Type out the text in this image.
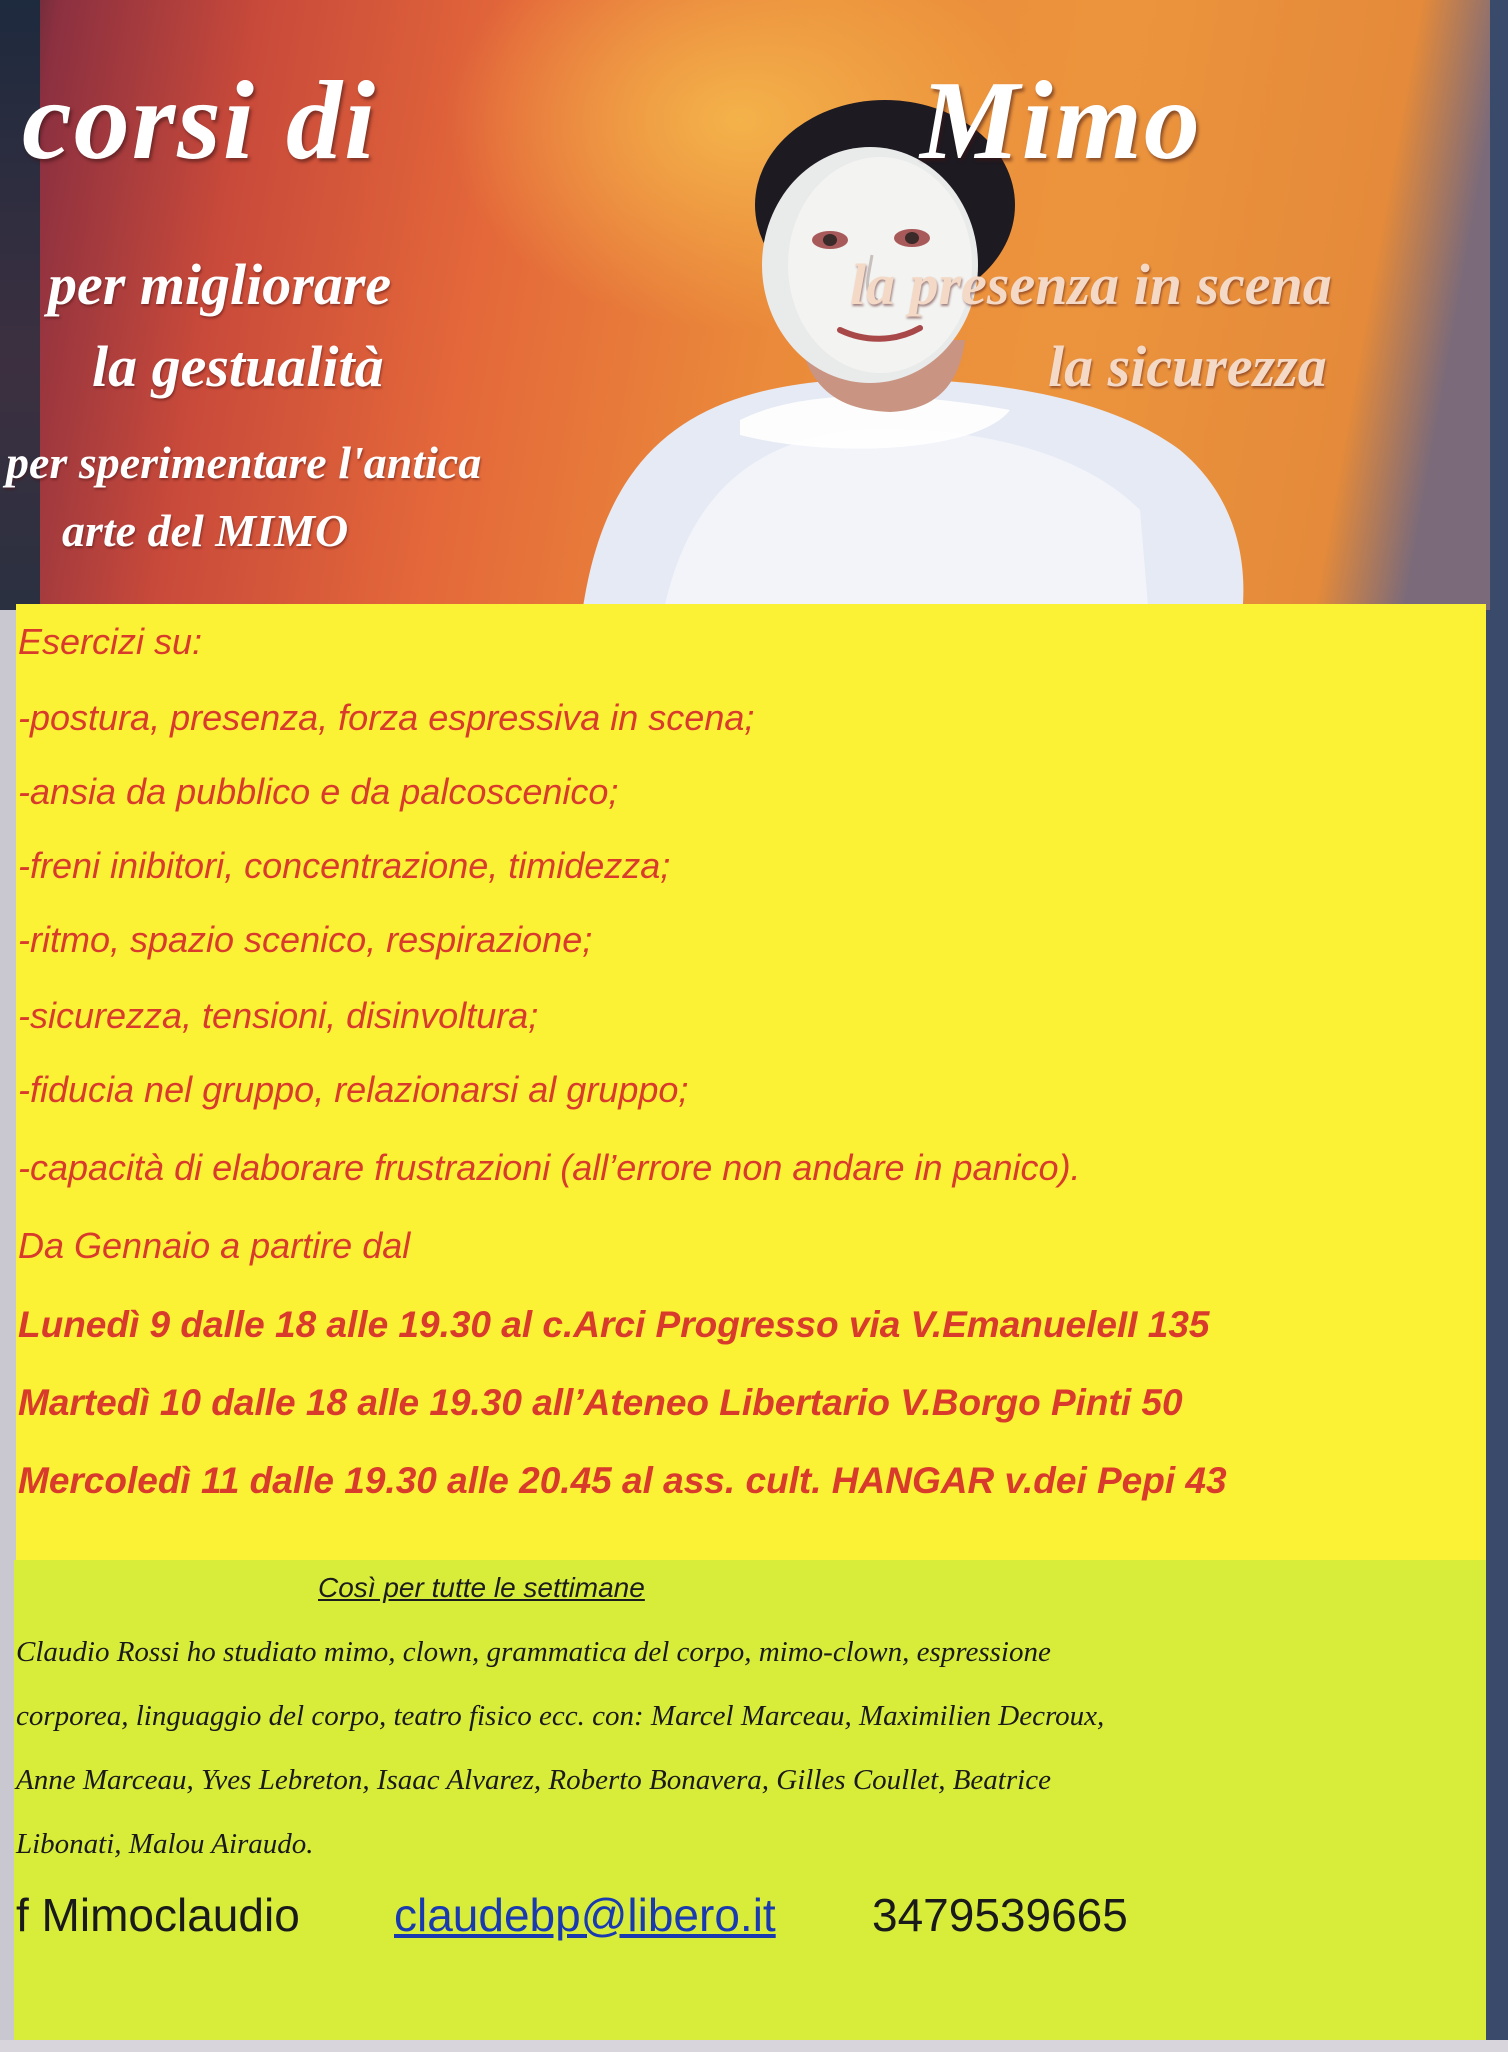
corsi di	Mimo

per migliorare

la gestualità

per sperimentare l'antica

arte del MIMO

la presenza in scena

la sicurezza

Esercizi su:

-postura, presenza, forza espressiva in scena;

-ansia da pubblico e da palcoscenico;

-freni inibitori, concentrazione, timidezza;

-ritmo, spazio scenico, respirazione;

-sicurezza, tensioni, disinvoltura;

-fiducia nel gruppo, relazionarsi al gruppo;

-capacità di elaborare frustrazioni (all’errore non andare in panico).

Da Gennaio a partire dal

Lunedì 9 dalle 18 alle 19.30 al c.Arci Progresso via V.EmanueleII 135

Martedì 10 dalle 18 alle 19.30 all’Ateneo Libertario V.Borgo Pinti 50

Mercoledì 11 dalle 19.30 alle 20.45 al ass. cult. HANGAR v.dei Pepi 43

Così per tutte le settimane

Claudio Rossi ho studiato mimo, clown, grammatica del corpo, mimo-clown, espressione

corporea, linguaggio del corpo, teatro fisico ecc. con: Marcel Marceau, Maximilien Decroux,

Anne Marceau, Yves Lebreton, Isaac Alvarez, Roberto Bonavera, Gilles Coullet, Beatrice

Libonati, Malou Airaudo.

f Mimoclaudio claudebp@libero.it 3479539665
